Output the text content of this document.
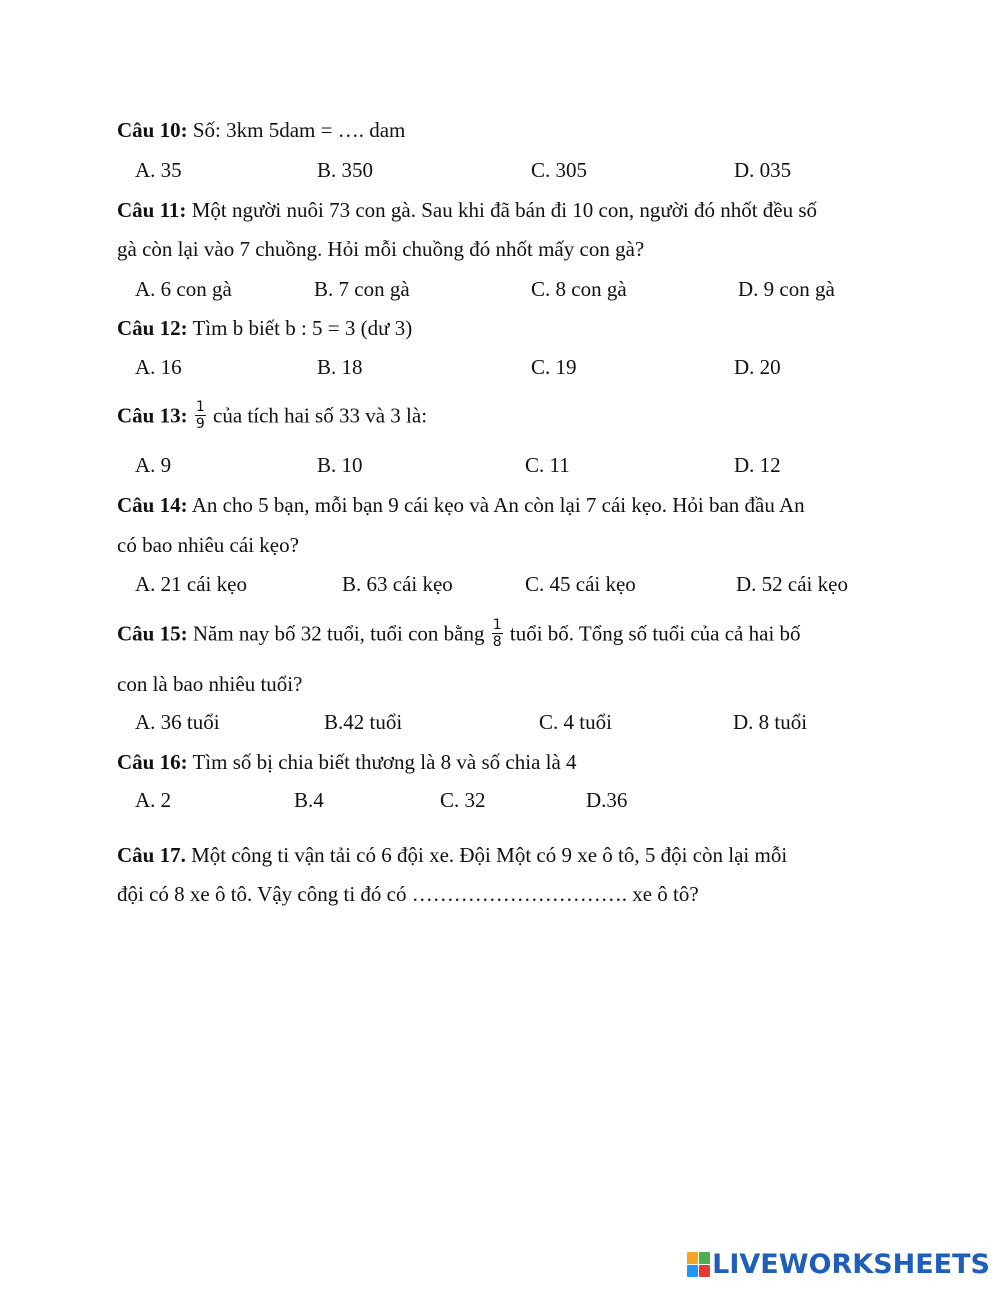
Câu 10: Số: 3km 5dam = …. dam
A. 35	B. 350	C. 305	D. 035
Câu 11: Một người nuôi 73 con gà. Sau khi đã bán đi 10 con, người đó nhốt đều số
gà còn lại vào 7 chuồng. Hỏi mỗi chuồng đó nhốt mấy con gà?
A. 6 con gà	B. 7 con gà	C. 8 con gà	D. 9 con gà
Câu 12: Tìm b biết b : 5 = 3 (dư 3)
A. 16	B. 18	C. 19	D. 20
Câu 13: $\frac{1}{9}$ của tích hai số 33 và 3 là:
A. 9	B. 10	C. 11	D. 12
Câu 14: An cho 5 bạn, mỗi bạn 9 cái kẹo và An còn lại 7 cái kẹo. Hỏi ban đầu An
có bao nhiêu cái kẹo?
A. 21 cái kẹo	B. 63 cái kẹo	C. 45 cái kẹo	D. 52 cái kẹo
Câu 15: Năm nay bố 32 tuổi, tuổi con bằng $\frac{1}{8}$ tuổi bố. Tổng số tuổi của cả hai bố
con là bao nhiêu tuổi?
A. 36 tuổi	B.42 tuổi	C. 4 tuổi	D. 8 tuổi
Câu 16: Tìm số bị chia biết thương là 8 và số chia là 4
A. 2	B.4	C. 32	D.36
Câu 17. Một công ti vận tải có 6 đội xe. Đội Một có 9 xe ô tô, 5 đội còn lại mỗi
đội có 8 xe ô tô. Vậy công ti đó có …………………………. xe ô tô?
LIVEWORKSHEETS
